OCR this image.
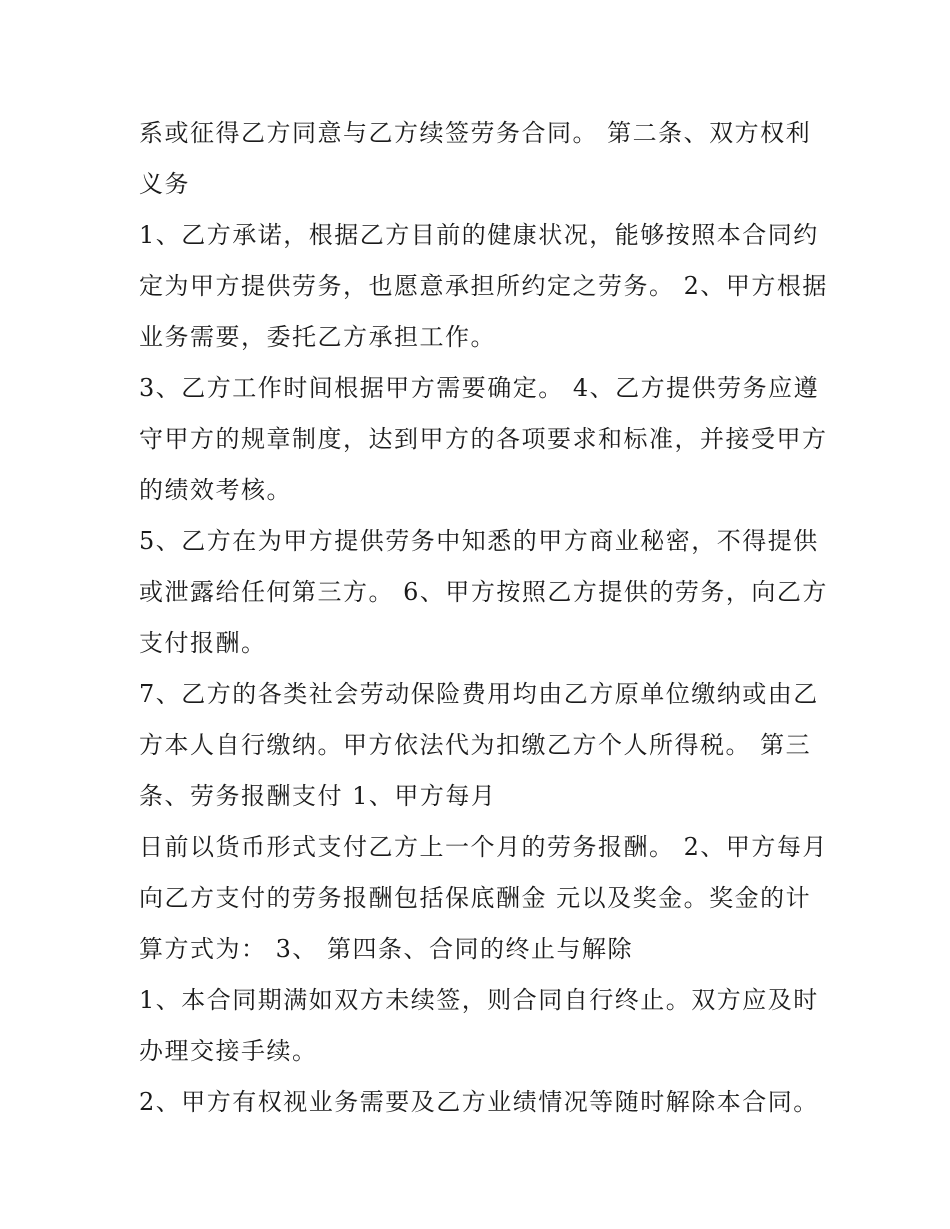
系或征得乙方同意与乙方续签劳务合同。 第二条、双方权利
义务
1、乙方承诺，根据乙方目前的健康状况，能够按照本合同约
定为甲方提供劳务，也愿意承担所约定之劳务。 2、甲方根据
业务需要，委托乙方承担工作。
3、乙方工作时间根据甲方需要确定。 4、乙方提供劳务应遵
守甲方的规章制度，达到甲方的各项要求和标准，并接受甲方
的绩效考核。
5、乙方在为甲方提供劳务中知悉的甲方商业秘密，不得提供
或泄露给任何第三方。 6、甲方按照乙方提供的劳务，向乙方
支付报酬。
7、乙方的各类社会劳动保险费用均由乙方原单位缴纳或由乙
方本人自行缴纳。甲方依法代为扣缴乙方个人所得税。 第三
条、劳务报酬支付 1、甲方每月
日前以货币形式支付乙方上一个月的劳务报酬。 2、甲方每月
向乙方支付的劳务报酬包括保底酬金 元以及奖金。奖金的计
算方式为： 3、 第四条、合同的终止与解除
1、本合同期满如双方未续签，则合同自行终止。双方应及时
办理交接手续。
2、甲方有权视业务需要及乙方业绩情况等随时解除本合同。
